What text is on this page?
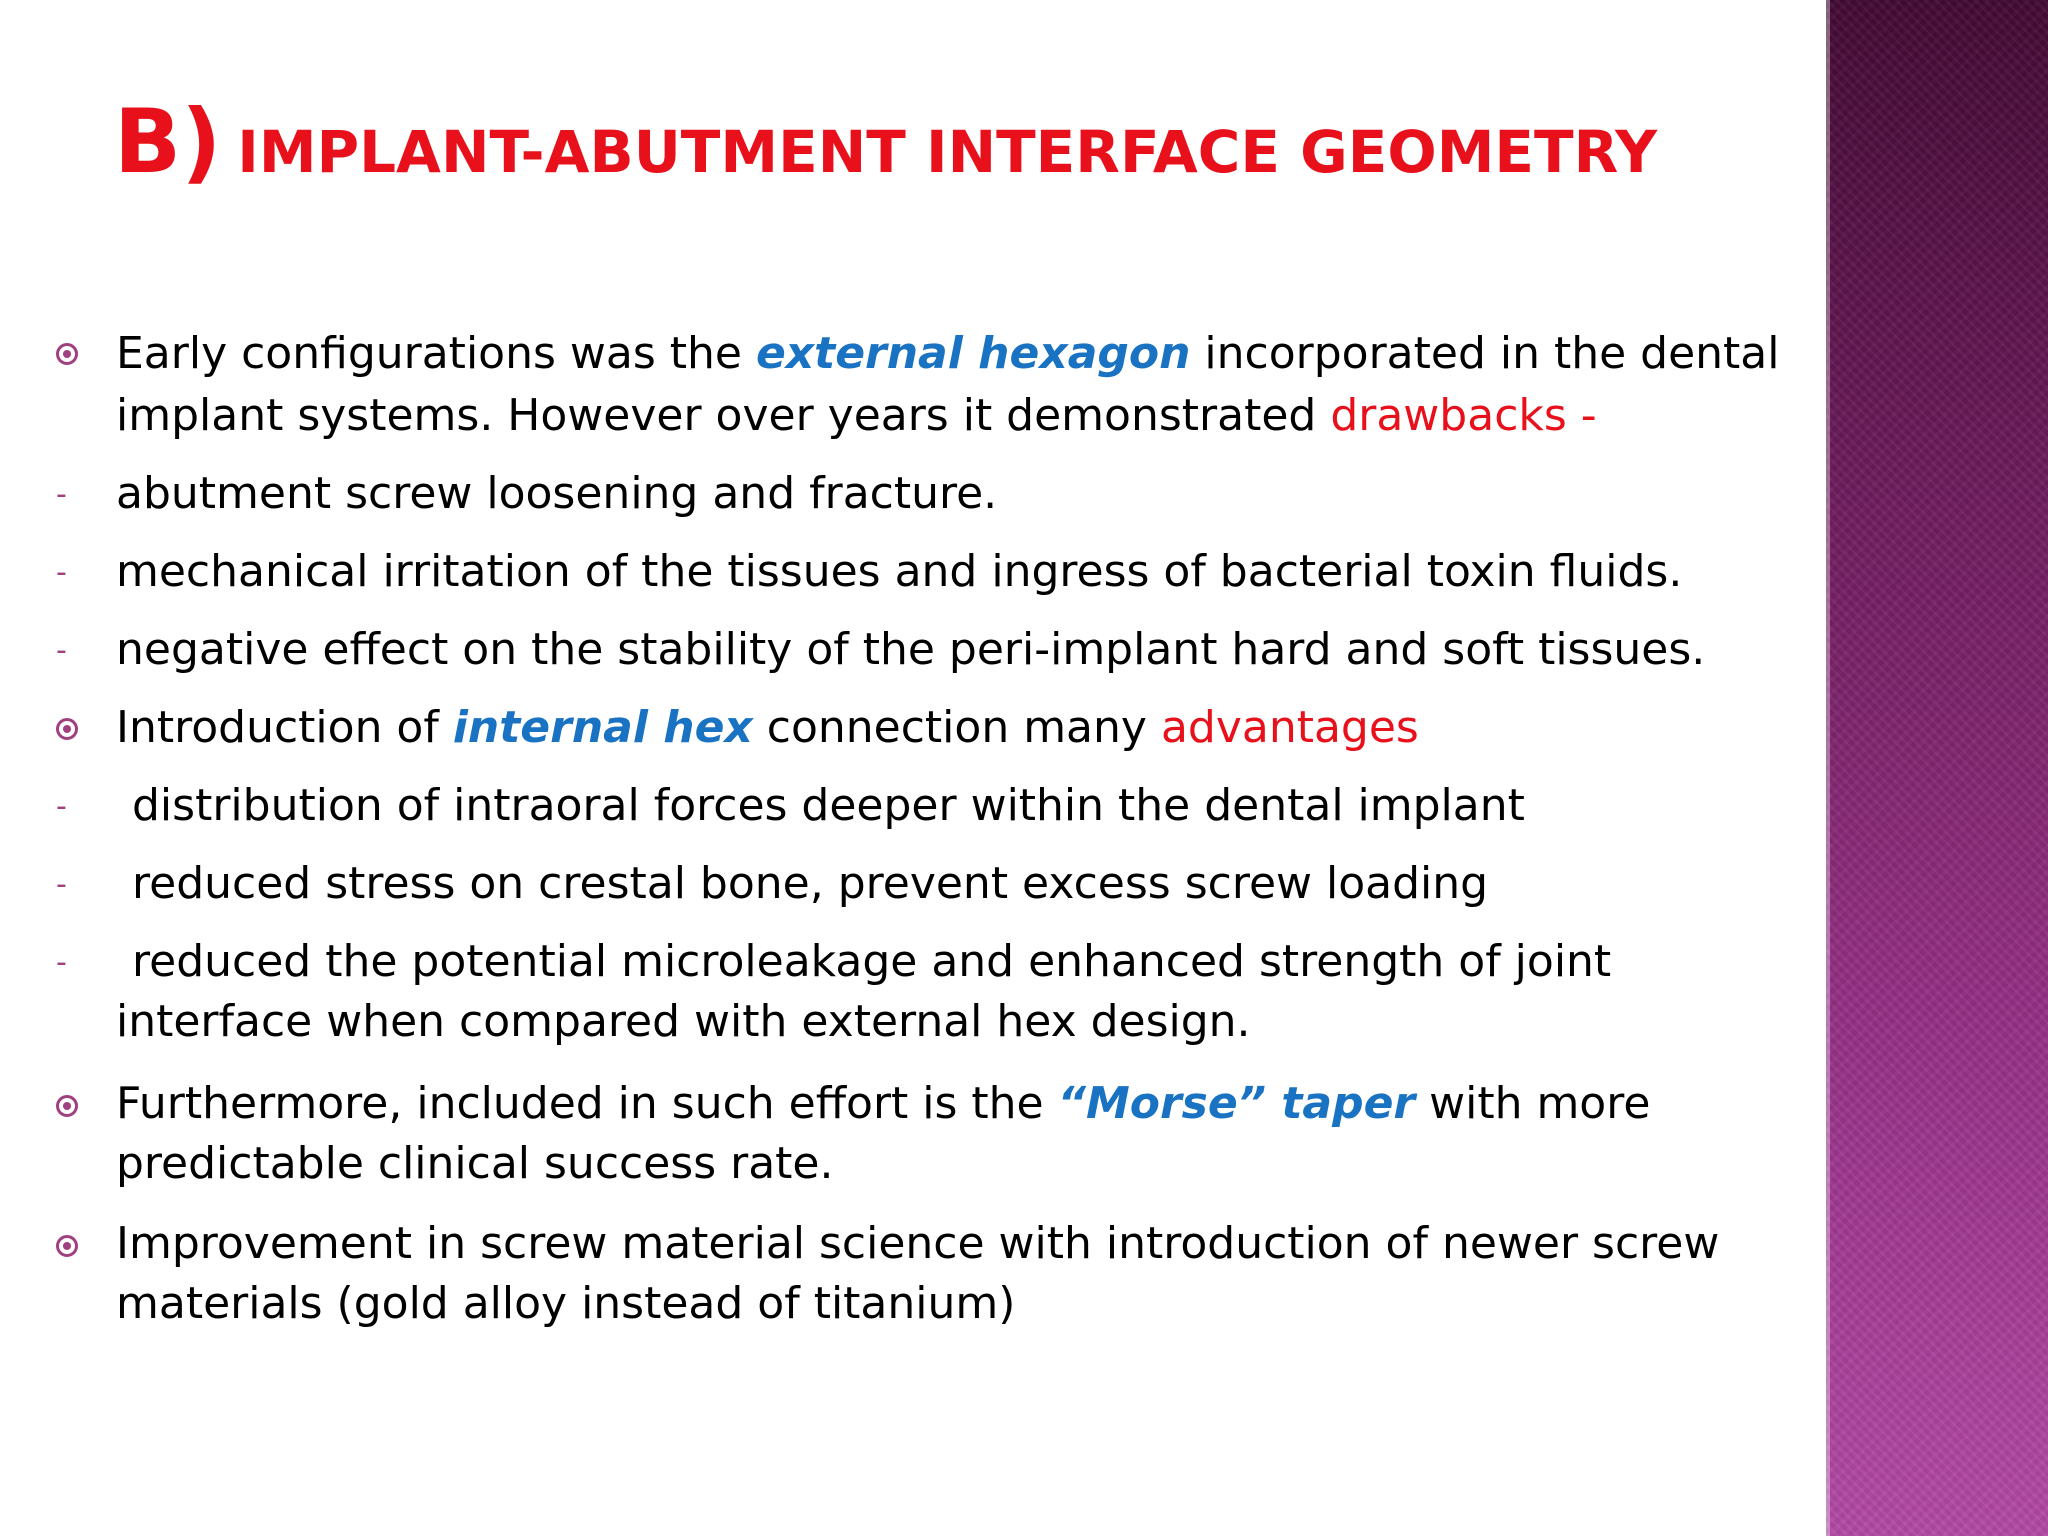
B) IMPLANT-ABUTMENT INTERFACE GEOMETRY

Early configurations was the external hexagon incorporated in the dental

implant systems. However over years it demonstrated drawbacks -

- abutment screw loosening and fracture.

- mechanical irritation of the tissues and ingress of bacterial toxin fluids.

- negative effect on the stability of the peri-implant hard and soft tissues.

Introduction of internal hex connection many advantages

-	distribution of intraoral forces deeper within the dental implant

-	reduced stress on crestal bone, prevent excess screw loading

-	reduced the potential microleakage and enhanced strength of joint

interface when compared with external hex design.

Furthermore, included in such effort is the “Morse” taper with more

predictable clinical success rate.

Improvement in screw material science with introduction of newer screw

materials (gold alloy instead of titanium)
